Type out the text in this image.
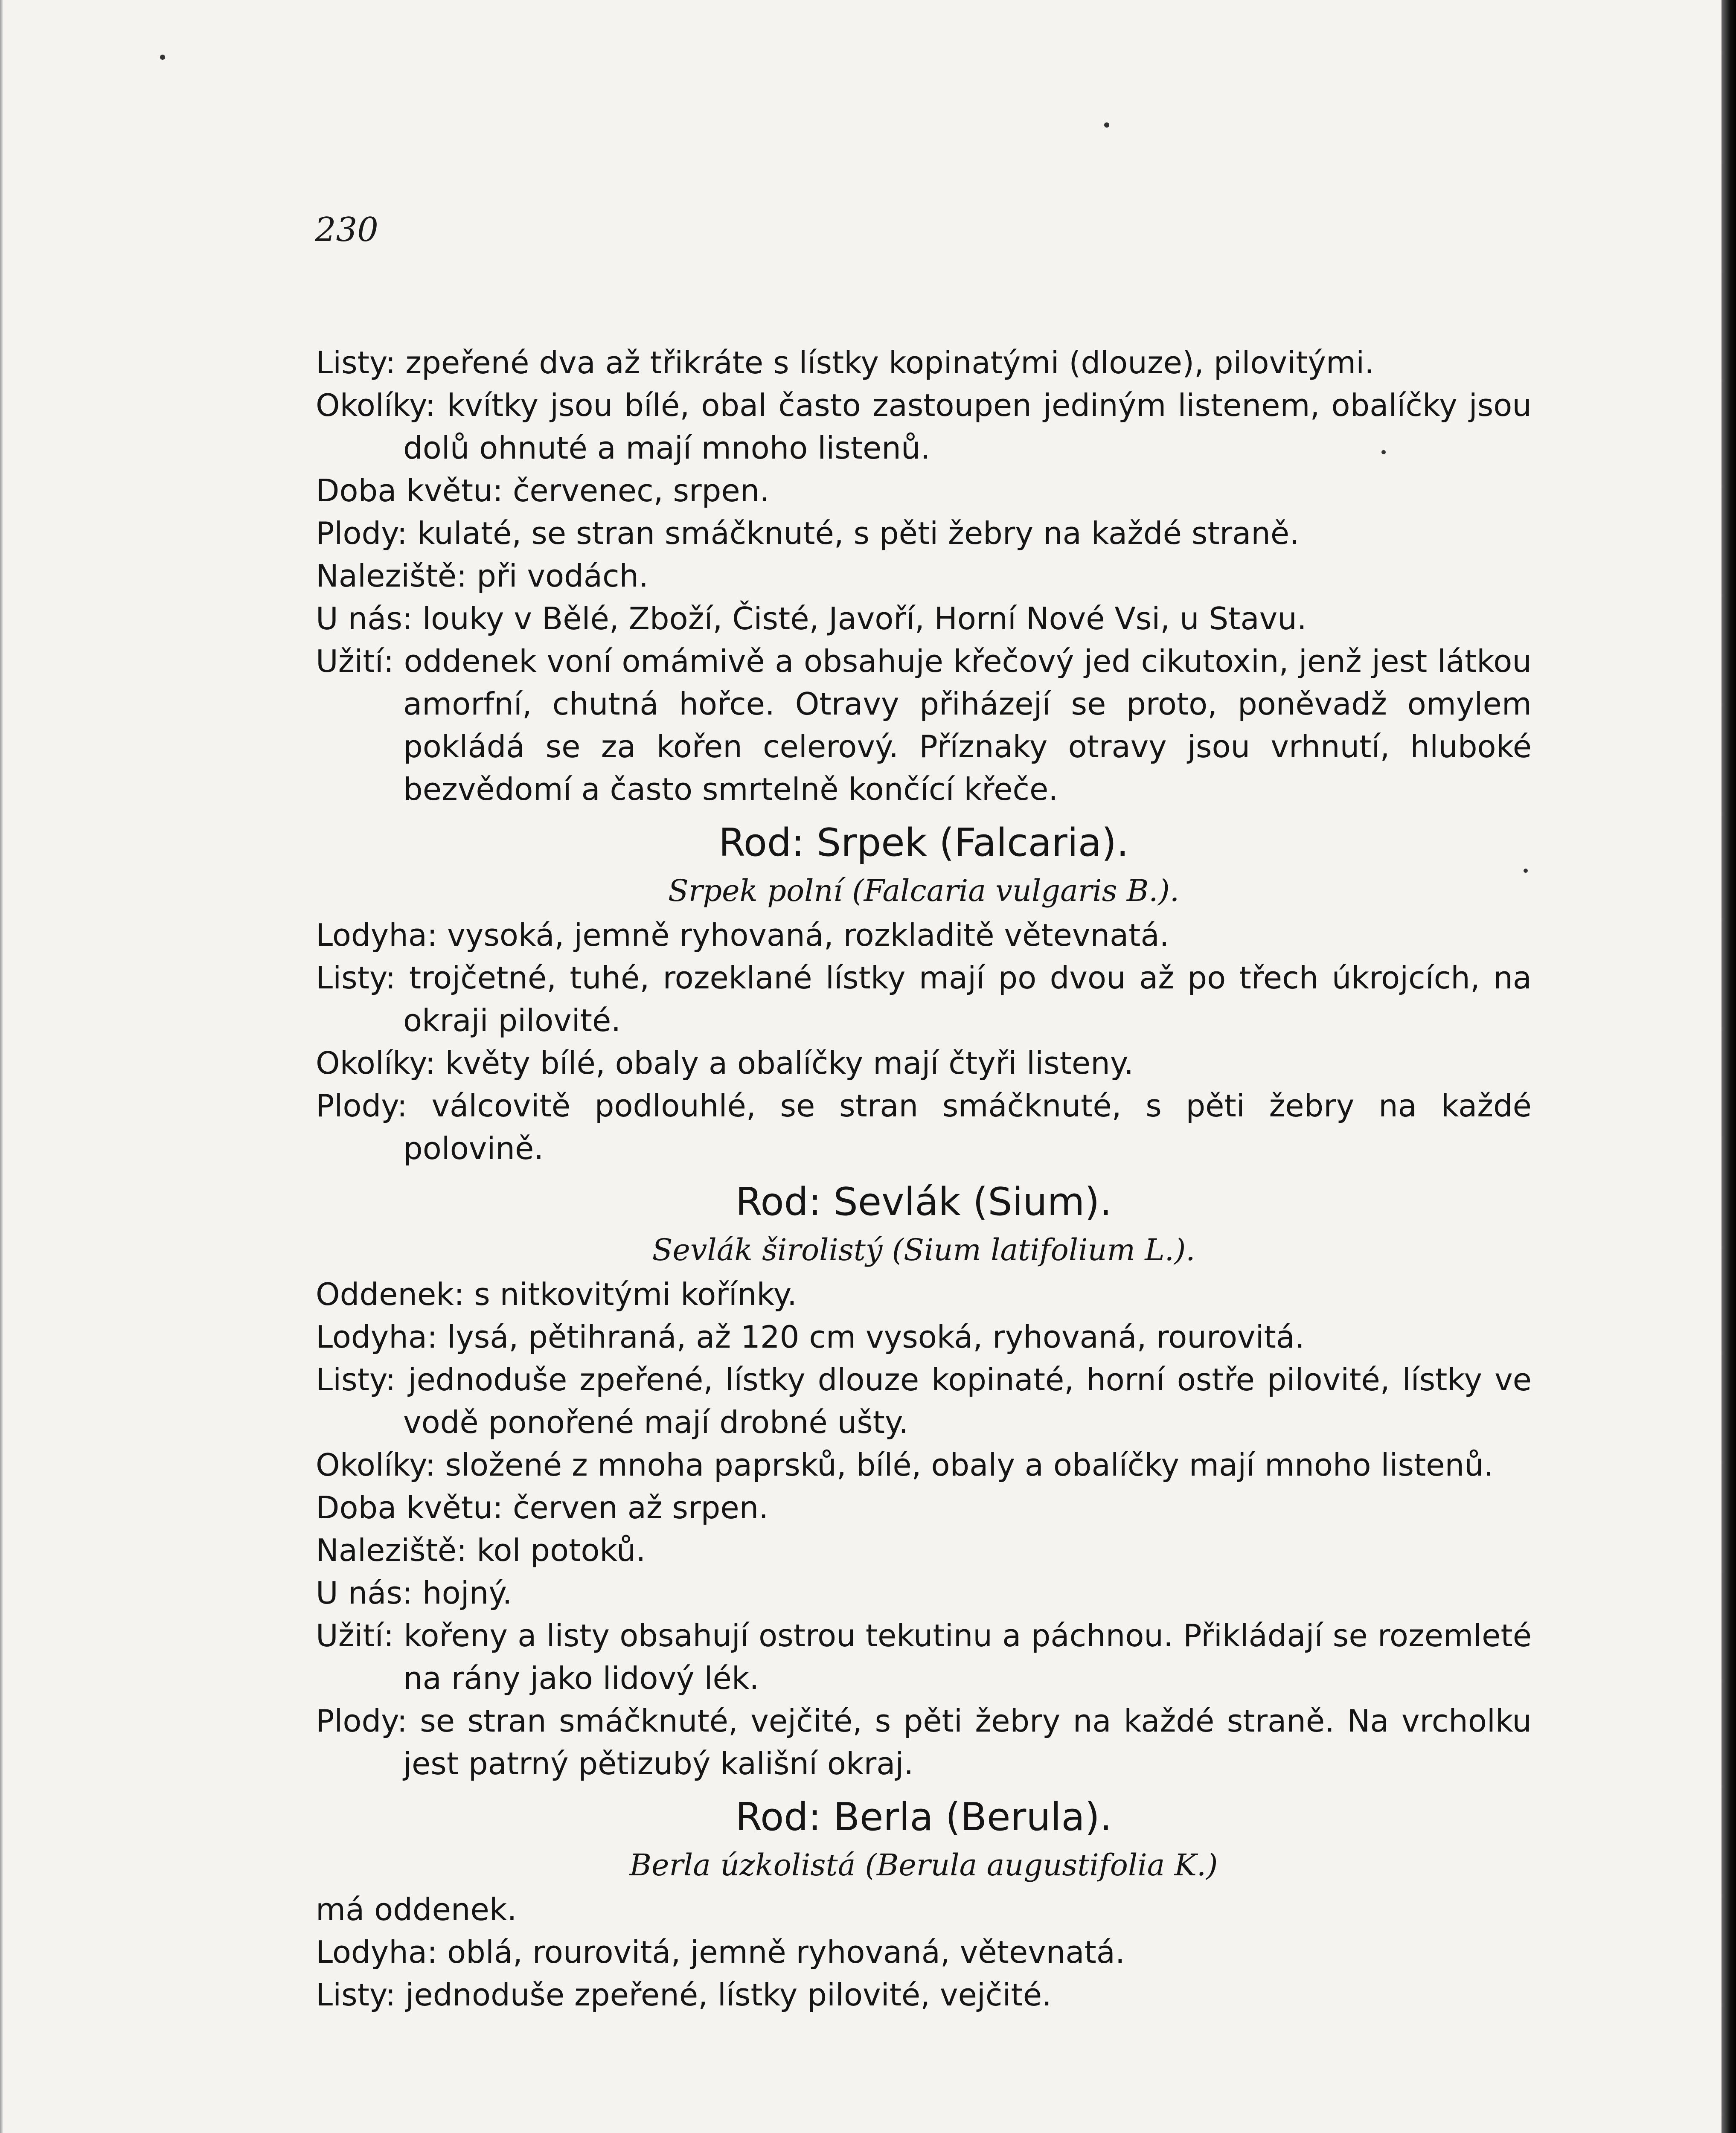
230
Listy: zpeřené dva až třikráte s lístky kopinatými (dlouze), pilovitými.
Okolíky: kvítky jsou bílé, obal často zastoupen jediným listenem, obalíčky jsou dolů ohnuté a mají mnoho listenů.
Doba květu: červenec, srpen.
Plody: kulaté, se stran smáčknuté, s pěti žebry na každé straně.
Naleziště: při vodách.
U nás: louky v Bělé, Zboží, Čisté, Javoří, Horní Nové Vsi, u Stavu.
Užití: oddenek voní omámivě a obsahuje křečový jed cikutoxin, jenž jest látkou amorfní, chutná hořce. Otravy přiházejí se proto, poněvadž omylem pokládá se za kořen celerový. Příznaky otravy jsou vrhnutí, hluboké bezvědomí a často smrtelně končící křeče.
Rod: Srpek (Falcaria).
Srpek polní (Falcaria vulgaris B.).
Lodyha: vysoká, jemně ryhovaná, rozkladitě větevnatá.
Listy: trojčetné, tuhé, rozeklané lístky mají po dvou až po třech úkrojcích, na okraji pilovité.
Okolíky: květy bílé, obaly a obalíčky mají čtyři listeny.
Plody: válcovitě podlouhlé, se stran smáčknuté, s pěti žebry na každé polovině.
Rod: Sevlák (Sium).
Sevlák širolistý (Sium latifolium L.).
Oddenek: s nitkovitými kořínky.
Lodyha: lysá, pětihraná, až 120 cm vysoká, ryhovaná, rourovitá.
Listy: jednoduše zpeřené, lístky dlouze kopinaté, horní ostře pilovité, lístky ve vodě ponořené mají drobné ušty.
Okolíky: složené z mnoha paprsků, bílé, obaly a obalíčky mají mnoho listenů.
Doba květu: červen až srpen.
Naleziště: kol potoků.
U nás: hojný.
Užití: kořeny a listy obsahují ostrou tekutinu a páchnou. Přikládají se rozemleté na rány jako lidový lék.
Plody: se stran smáčknuté, vejčité, s pěti žebry na každé straně. Na vrcholku jest patrný pětizubý kališní okraj.
Rod: Berla (Berula).
Berla úzkolistá (Berula augustifolia K.)
má oddenek.
Lodyha: oblá, rourovitá, jemně ryhovaná, větevnatá.
Listy: jednoduše zpeřené, lístky pilovité, vejčité.
